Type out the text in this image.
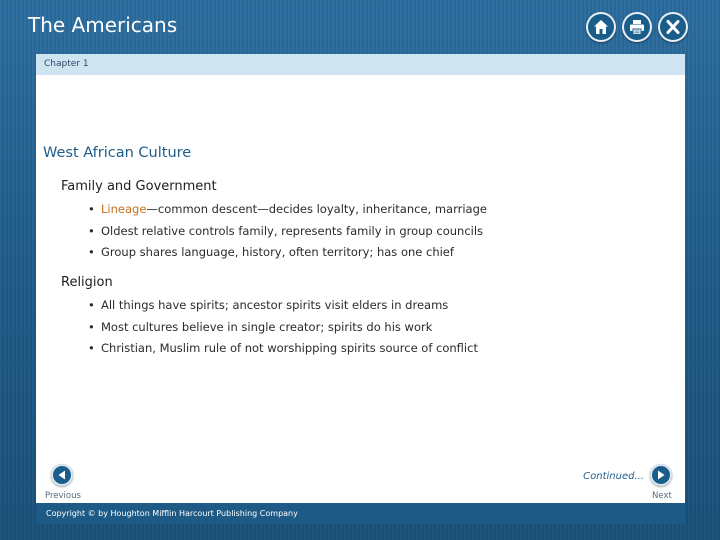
The Americans
Chapter 1
West African Culture
Family and Government
• Lineage—common descent—decides loyalty, inheritance, marriage
• Oldest relative controls family, represents family in group councils
• Group shares language, history, often territory; has one chief
Religion
• All things have spirits; ancestor spirits visit elders in dreams
• Most cultures believe in single creator; spirits do his work
• Christian, Muslim rule of not worshipping spirits source of conflict
Previous
Continued...
Next
Copyright © by Houghton Mifflin Harcourt Publishing Company
